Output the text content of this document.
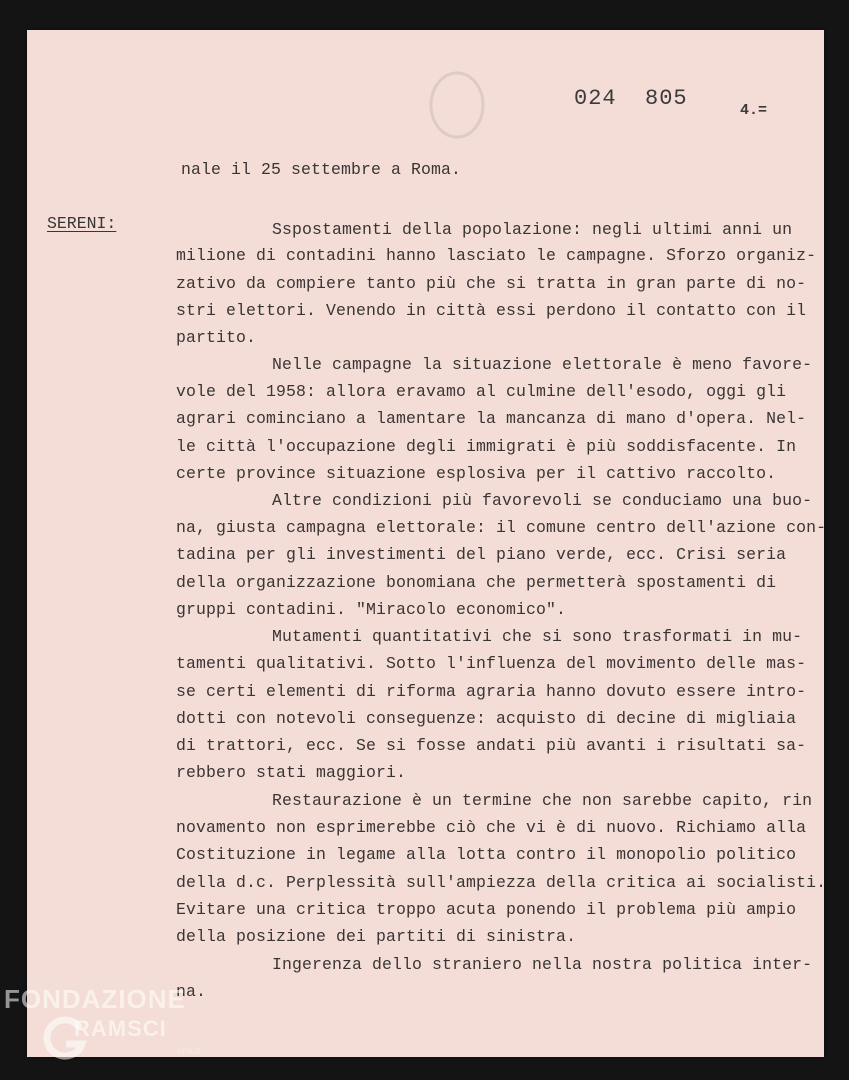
024  805	4.=
SERENI:
nale il 25 settembre a Roma.
Sspostamenti della popolazione: negli ultimi anni un
milione di contadini hanno lasciato le campagne. Sforzo organiz-
zativo da compiere tanto più che si tratta in gran parte di no-
stri elettori. Venendo in città essi perdono il contatto con il
partito.
Nelle campagne la situazione elettorale è meno favore-
vole del 1958: allora eravamo al culmine dell'esodo, oggi gli
agrari cominciano a lamentare la mancanza di mano d'opera. Nel-
le città l'occupazione degli immigrati è più soddisfacente. In
certe province situazione esplosiva per il cattivo raccolto.
Altre condizioni più favorevoli se conduciamo una buo-
na, giusta campagna elettorale: il comune centro dell'azione con-
tadina per gli investimenti del piano verde, ecc. Crisi seria
della organizzazione bonomiana che permetterà spostamenti di
gruppi contadini. "Miracolo economico".
Mutamenti quantitativi che si sono trasformati in mu-
tamenti qualitativi. Sotto l'influenza del movimento delle mas-
se certi elementi di riforma agraria hanno dovuto essere intro-
dotti con notevoli conseguenze: acquisto di decine di migliaia
di trattori, ecc. Se si fosse andati più avanti i risultati sa-
rebbero stati maggiori.
Restaurazione è un termine che non sarebbe capito, rin
novamento non esprimerebbe ciò che vi è di nuovo. Richiamo alla
Costituzione in legame alla lotta contro il monopolio politico
della d.c. Perplessità sull'ampiezza della critica ai socialisti.
Evitare una critica troppo acuta ponendo il problema più ampio
della posizione dei partiti di sinistra.
Ingerenza dello straniero nella nostra politica inter-
na.
FONDAZIONE
RAMSCI
onlus
